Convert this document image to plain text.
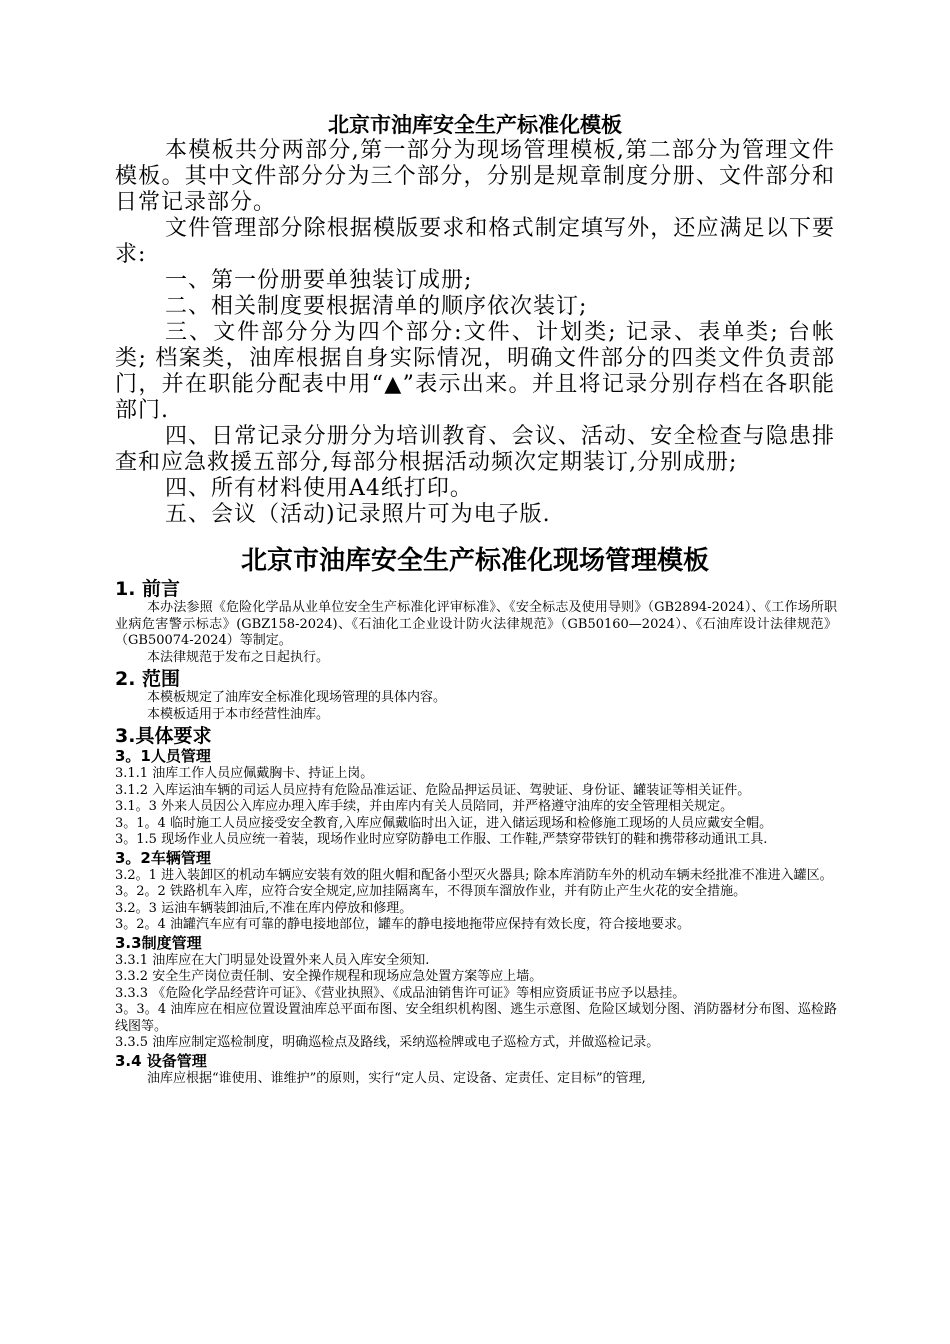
北京市油库安全生产标准化模板

本模板共分两部分,第一部分为现场管理模板,第二部分为管理文件模板。其中文件部分分为三个部分，分别是规章制度分册、文件部分和日常记录部分。

文件管理部分除根据模版要求和格式制定填写外，还应满足以下要求:

一、第一份册要单独装订成册;

二、相关制度要根据清单的顺序依次装订;

三、文件部分分为四个部分:文件、计划类; 记录、表单类; 台帐类; 档案类，油库根据自身实际情况，明确文件部分的四类文件负责部门，并在职能分配表中用“▲”表示出来。并且将记录分别存档在各职能部门.

四、日常记录分册分为培训教育、会议、活动、安全检查与隐患排查和应急救援五部分,每部分根据活动频次定期装订,分别成册;

四、所有材料使用A4纸打印。

五、会议（活动)记录照片可为电子版.

北京市油库安全生产标准化现场管理模板
1. 前言

本办法参照《危险化学品从业单位安全生产标准化评审标准》、《安全标志及使用导则》（GB2894-2024）、《工作场所职业病危害警示标志》(GBZ158-2024)、《石油化工企业设计防火法律规范》（GB50160—2024）、《石油库设计法律规范》（GB50074-2024）等制定。

本法律规范于发布之日起执行。

2. 范围

本模板规定了油库安全标准化现场管理的具体内容。

本模板适用于本市经营性油库。

3.具体要求
3。1人员管理

3.1.1 油库工作人员应佩戴胸卡、持证上岗。

3.1.2 入库运油车辆的司运人员应持有危险品准运证、危险品押运员证、驾驶证、身份证、罐装证等相关证件。

3.1。3 外来人员因公入库应办理入库手续，并由库内有关人员陪同，并严格遵守油库的安全管理相关规定。

3。1。4 临时施工人员应接受安全教育,入库应佩戴临时出入证，进入储运现场和检修施工现场的人员应戴安全帽。

3。1.5 现场作业人员应统一着装，现场作业时应穿防静电工作服、工作鞋,严禁穿带铁钉的鞋和携带移动通讯工具.

3。2车辆管理

3.2。1 进入装卸区的机动车辆应安装有效的阻火帽和配备小型灭火器具; 除本库消防车外的机动车辆未经批准不准进入罐区。

3。2。2 铁路机车入库，应符合安全规定,应加挂隔离车，不得顶车溜放作业，并有防止产生火花的安全措施。

3.2。3 运油车辆装卸油后,不准在库内停放和修理。

3。2。4 油罐汽车应有可靠的静电接地部位，罐车的静电接地拖带应保持有效长度，符合接地要求。

3.3制度管理

3.3.1 油库应在大门明显处设置外来人员入库安全须知.

3.3.2 安全生产岗位责任制、安全操作规程和现场应急处置方案等应上墙。

3.3.3 《危险化学品经营许可证》、《营业执照》、《成品油销售许可证》等相应资质证书应予以悬挂。

3。3。4 油库应在相应位置设置油库总平面布图、安全组织机构图、逃生示意图、危险区域划分图、消防器材分布图、巡检路线图等。

3.3.5 油库应制定巡检制度，明确巡检点及路线，采纳巡检牌或电子巡检方式，并做巡检记录。

3.4 设备管理

油库应根据“谁使用、谁维护”的原则，实行“定人员、定设备、定责任、定目标”的管理,
